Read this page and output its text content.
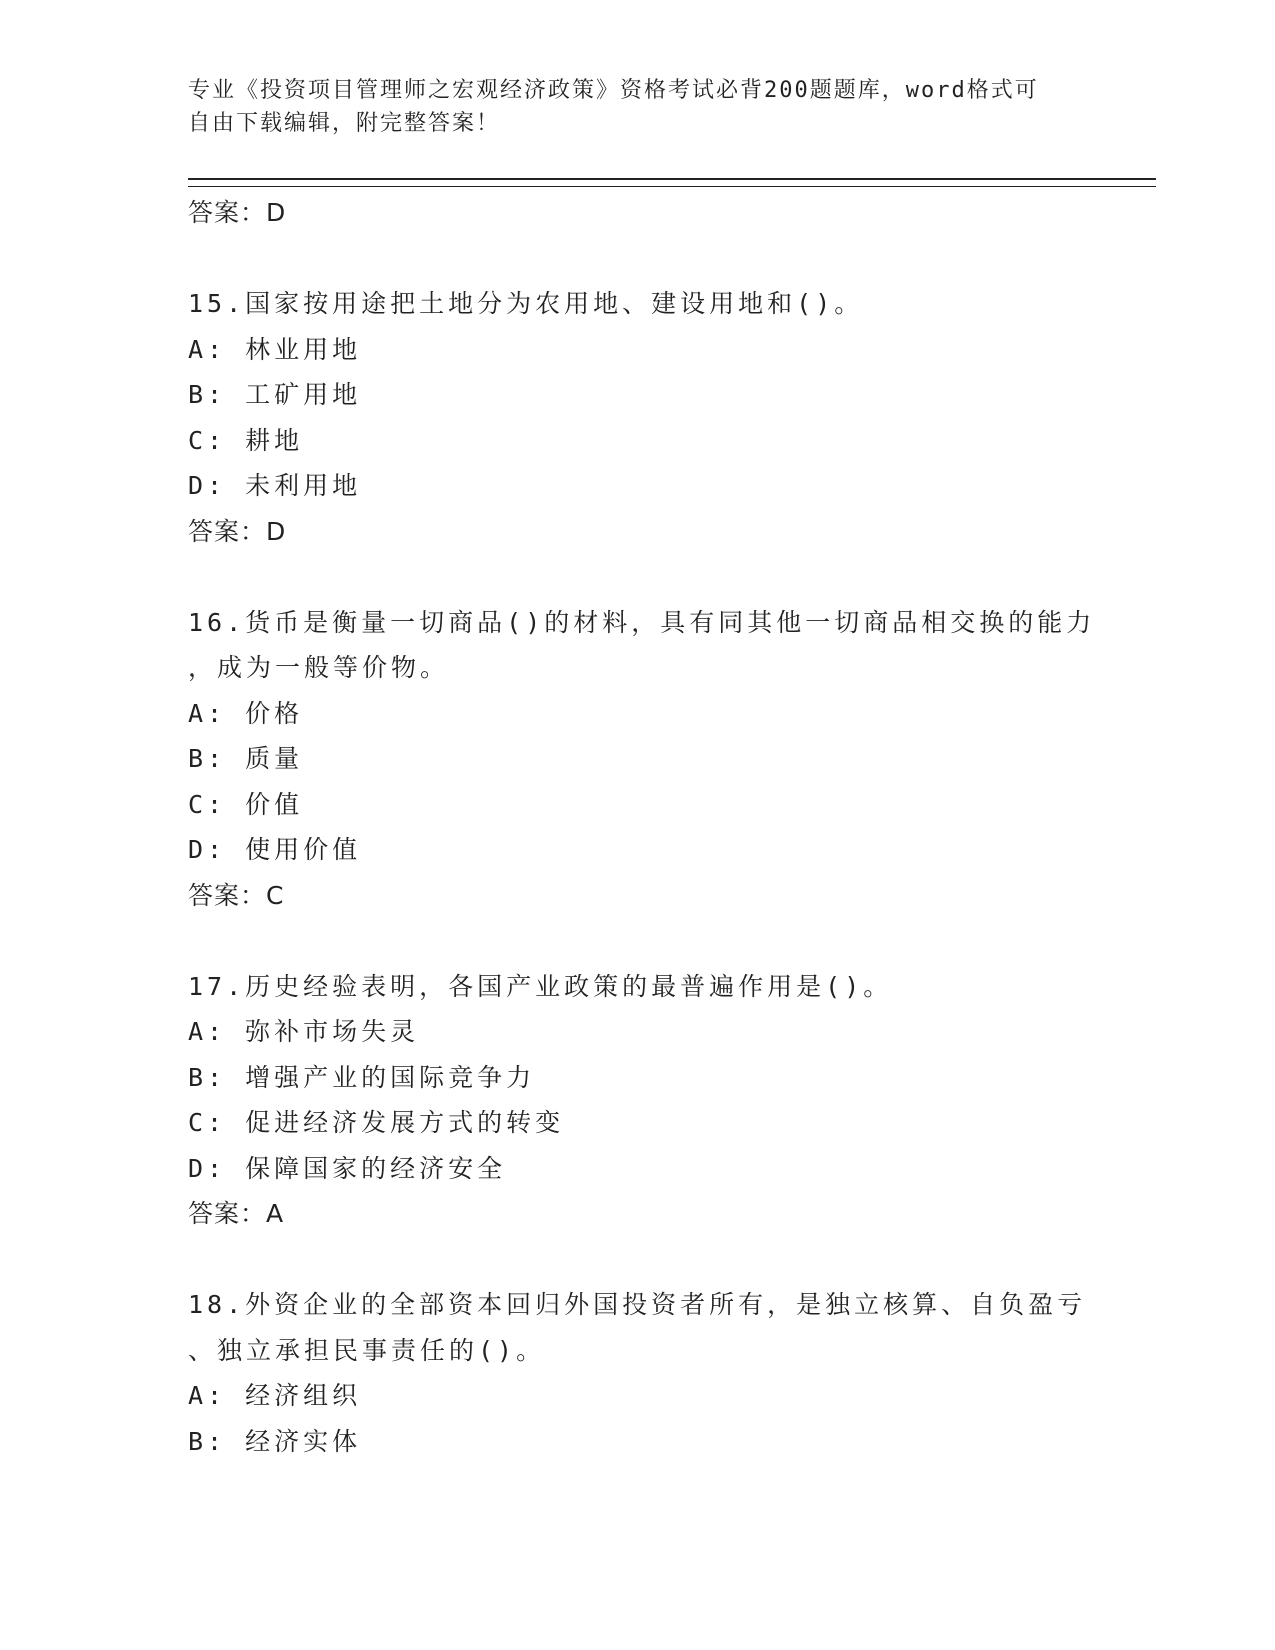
专业《投资项目管理师之宏观经济政策》资格考试必背200题题库，word格式可
自由下载编辑，附完整答案！
答案：D
15.国家按用途把土地分为农用地、建设用地和()。
A: 林业用地
B: 工矿用地
C: 耕地
D: 未利用地
答案：D
16.货币是衡量一切商品()的材料，具有同其他一切商品相交换的能力
，成为一般等价物。
A: 价格
B: 质量
C: 价值
D: 使用价值
答案：C
17.历史经验表明，各国产业政策的最普遍作用是()。
A: 弥补市场失灵
B: 增强产业的国际竞争力
C: 促进经济发展方式的转变
D: 保障国家的经济安全
答案：A
18.外资企业的全部资本回归外国投资者所有，是独立核算、自负盈亏
、独立承担民事责任的()。
A: 经济组织
B: 经济实体
